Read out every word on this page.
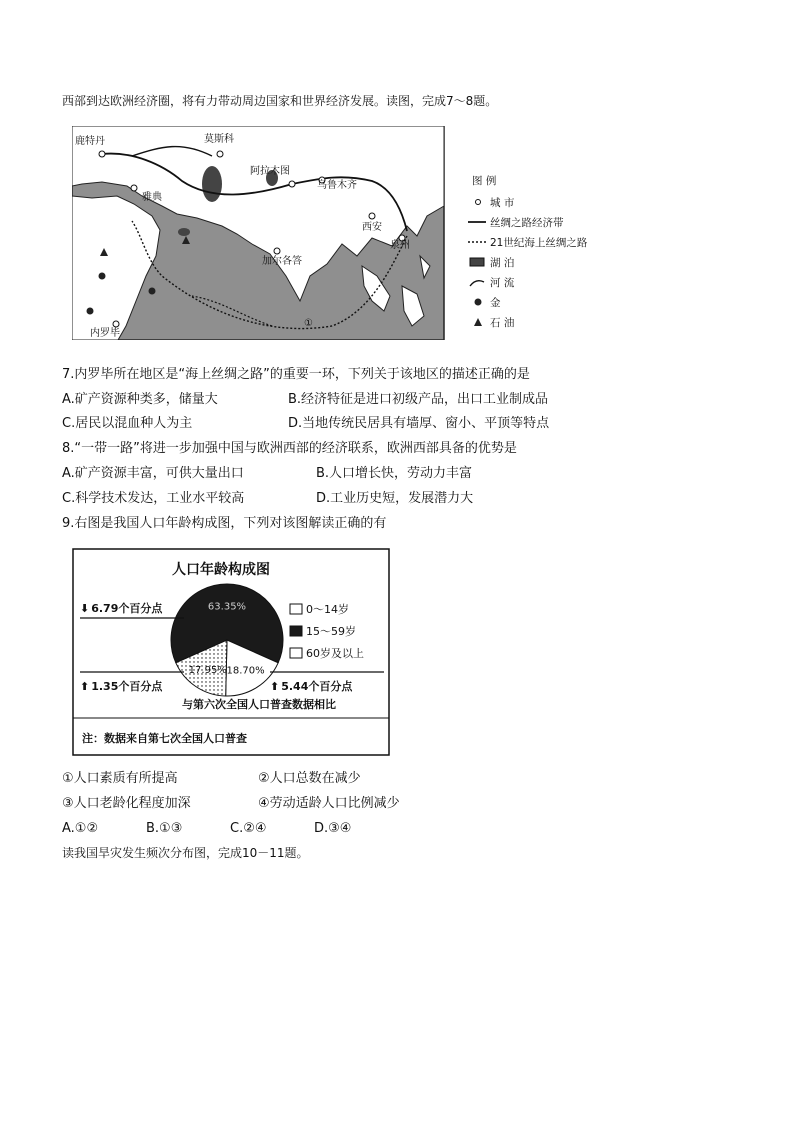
西部到达欧洲经济圈，将有力带动周边国家和世界经济发展。读图，完成7～8题。
鹿特丹
雅典
莫斯科
阿拉木图
乌鲁木齐
西安
泉州
加尔各答
内罗毕
①
图 例
城 市
丝绸之路经济带
21世纪海上丝绸之路
湖 泊
河 流
金
石 油
7.内罗毕所在地区是“海上丝绸之路”的重要一环，下列关于该地区的描述正确的是
A.矿产资源种类多，储量大	B.经济特征是进口初级产品，出口工业制成品
C.居民以混血种人为主	D.当地传统民居具有墙厚、窗小、平顶等特点
8.“一带一路”将进一步加强中国与欧洲西部的经济联系，欧洲西部具备的优势是
A.矿产资源丰富，可供大量出口	B.人口增长快，劳动力丰富
C.科学技术发达，工业水平较高	D.工业历史短，发展潜力大
9.右图是我国人口年龄构成图，下列对该图解读正确的有
人口年龄构成图
63.35%
18.70%
17.95%
⬇ 6.79个百分点
⬆ 1.35个百分点	⬆ 5.44个百分点
0～14岁
15～59岁
60岁及以上
与第六次全国人口普查数据相比
注：数据来自第七次全国人口普查
①人口素质有所提高	②人口总数在减少
③人口老龄化程度加深	④劳动适龄人口比例减少
A.①②	B.①③	C.②④	D.③④
读我国旱灾发生频次分布图，完成10－11题。
